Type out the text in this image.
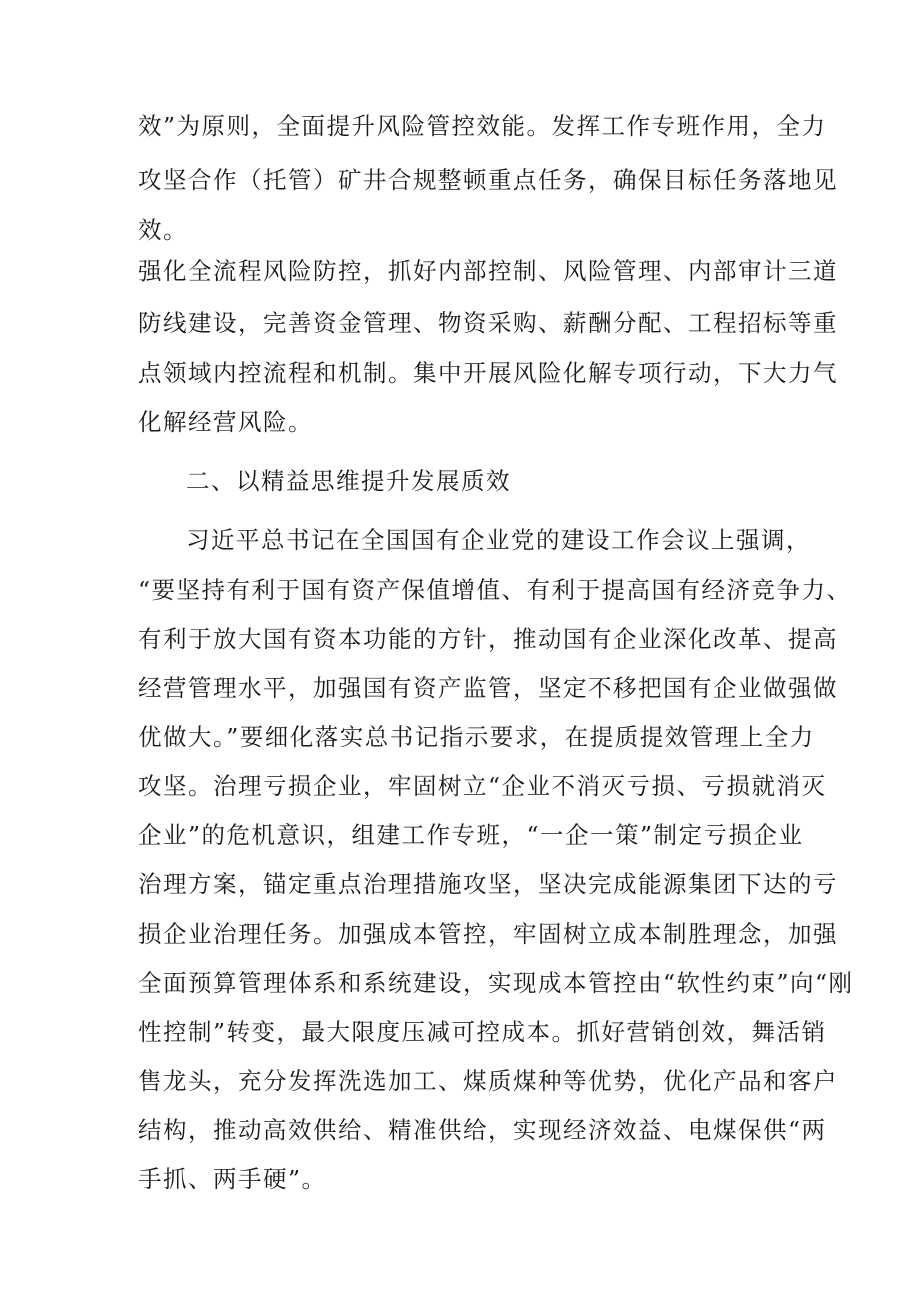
效”为原则，全面提升风险管控效能。发挥工作专班作用，全力
攻坚合作（托管）矿井合规整顿重点任务，确保目标任务落地见
效。
强化全流程风险防控，抓好内部控制、风险管理、内部审计三道
防线建设，完善资金管理、物资采购、薪酬分配、工程招标等重
点领域内控流程和机制。集中开展风险化解专项行动，下大力气
化解经营风险。
二、以精益思维提升发展质效
习近平总书记在全国国有企业党的建设工作会议上强调，
“要坚持有利于国有资产保值增值、有利于提高国有经济竞争力、
有利于放大国有资本功能的方针，推动国有企业深化改革、提高
经营管理水平，加强国有资产监管，坚定不移把国有企业做强做
优做大。”要细化落实总书记指示要求，在提质提效管理上全力
攻坚。治理亏损企业，牢固树立“企业不消灭亏损、亏损就消灭
企业”的危机意识，组建工作专班，“一企一策”制定亏损企业
治理方案，锚定重点治理措施攻坚，坚决完成能源集团下达的亏
损企业治理任务。加强成本管控，牢固树立成本制胜理念，加强
全面预算管理体系和系统建设，实现成本管控由“软性约束”向“刚
性控制”转变，最大限度压减可控成本。抓好营销创效，舞活销
售龙头，充分发挥洗选加工、煤质煤种等优势，优化产品和客户
结构，推动高效供给、精准供给，实现经济效益、电煤保供“两
手抓、两手硬”。
